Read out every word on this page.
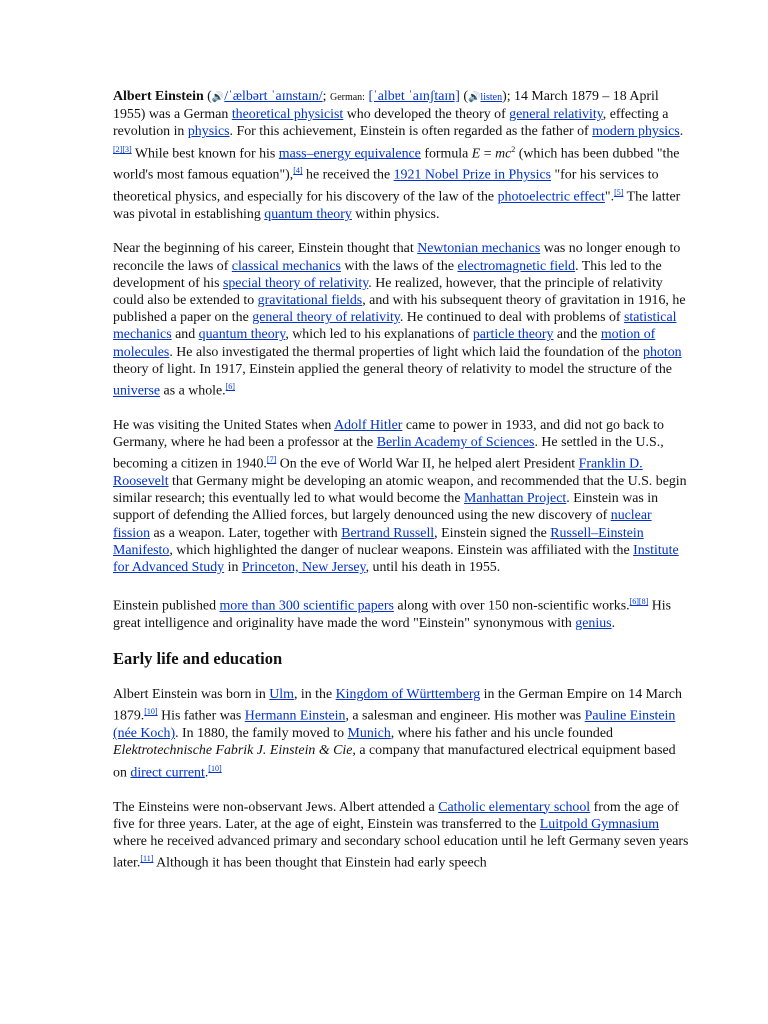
Albert Einstein (🔊/ˈælbərt ˈaɪnstaɪn/; German: [ˈalbɐt ˈaɪnʃtaɪn] (🔊listen); 14 March 1879 – 18 April 1955) was a German theoretical physicist who developed the theory of general relativity, effecting a revolution in physics. For this achievement, Einstein is often regarded as the father of modern physics.[2][3] While best known for his mass–energy equivalence formula $E = mc^2$ (which has been dubbed "the world's most famous equation"),[4] he received the 1921 Nobel Prize in Physics "for his services to theoretical physics, and especially for his discovery of the law of the photoelectric effect".[5] The latter was pivotal in establishing quantum theory within physics.

Near the beginning of his career, Einstein thought that Newtonian mechanics was no longer enough to reconcile the laws of classical mechanics with the laws of the electromagnetic field. This led to the development of his special theory of relativity. He realized, however, that the principle of relativity could also be extended to gravitational fields, and with his subsequent theory of gravitation in 1916, he published a paper on the general theory of relativity. He continued to deal with problems of statistical mechanics and quantum theory, which led to his explanations of particle theory and the motion of molecules. He also investigated the thermal properties of light which laid the foundation of the photon theory of light. In 1917, Einstein applied the general theory of relativity to model the structure of the universe as a whole.[6]

He was visiting the United States when Adolf Hitler came to power in 1933, and did not go back to Germany, where he had been a professor at the Berlin Academy of Sciences. He settled in the U.S., becoming a citizen in 1940.[7] On the eve of World War II, he helped alert President Franklin D. Roosevelt that Germany might be developing an atomic weapon, and recommended that the U.S. begin similar research; this eventually led to what would become the Manhattan Project. Einstein was in support of defending the Allied forces, but largely denounced using the new discovery of nuclear fission as a weapon. Later, together with Bertrand Russell, Einstein signed the Russell–Einstein Manifesto, which highlighted the danger of nuclear weapons. Einstein was affiliated with the Institute for Advanced Study in Princeton, New Jersey, until his death in 1955.

Einstein published more than 300 scientific papers along with over 150 non-scientific works.[6][8] His great intelligence and originality have made the word "Einstein" synonymous with genius.

Early life and education

Albert Einstein was born in Ulm, in the Kingdom of Württemberg in the German Empire on 14 March 1879.[10] His father was Hermann Einstein, a salesman and engineer. His mother was Pauline Einstein (née Koch). In 1880, the family moved to Munich, where his father and his uncle founded Elektrotechnische Fabrik J. Einstein & Cie, a company that manufactured electrical equipment based on direct current.[10]

The Einsteins were non-observant Jews. Albert attended a Catholic elementary school from the age of five for three years. Later, at the age of eight, Einstein was transferred to the Luitpold Gymnasium where he received advanced primary and secondary school education until he left Germany seven years later.[11] Although it has been thought that Einstein had early speech
